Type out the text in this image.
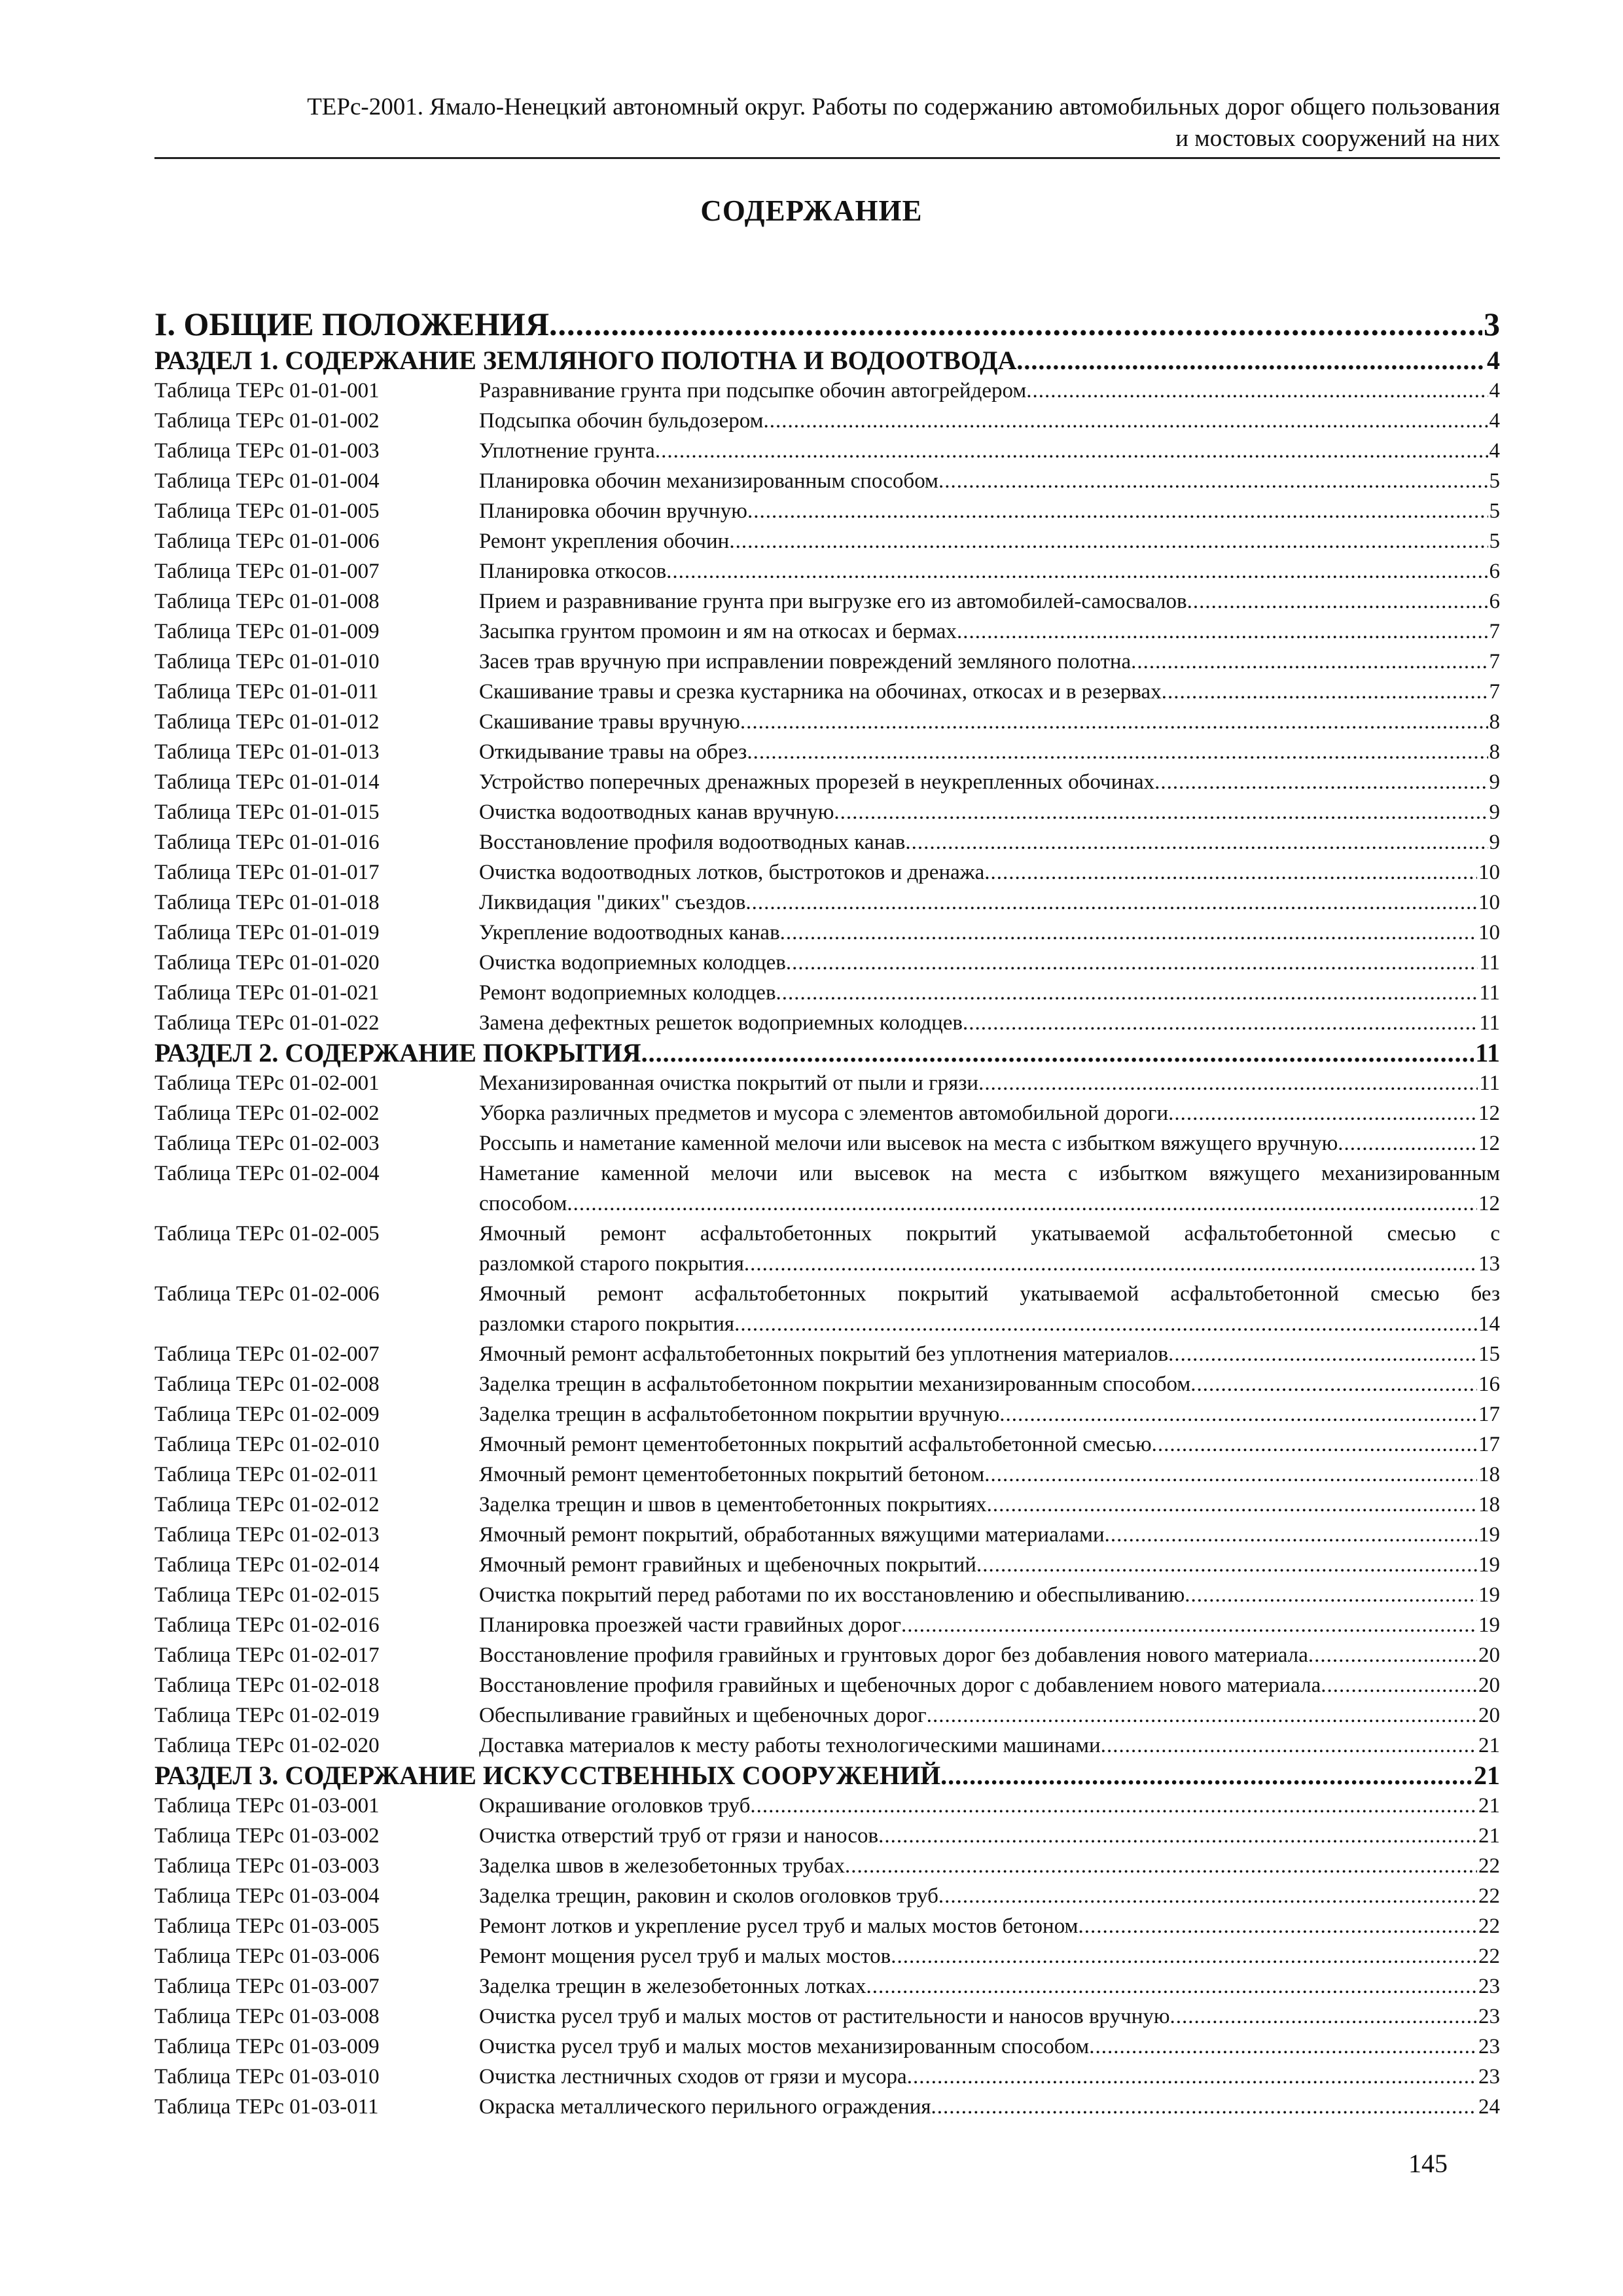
ТЕРс-2001. Ямало-Ненецкий автономный округ. Работы по содержанию автомобильных дорог общего пользования
и мостовых сооружений на них
СОДЕРЖАНИЕ
I. ОБЩИЕ ПОЛОЖЕНИЯ .....	3
РАЗДЕЛ 1. СОДЕРЖАНИЕ ЗЕМЛЯНОГО ПОЛОТНА И ВОДООТВОДА .....	4
Таблица ТЕРс 01-01-001	Разравнивание грунта при подсыпке обочин автогрейдером .....	4
Таблица ТЕРс 01-01-002	Подсыпка обочин бульдозером .....	4
Таблица ТЕРс 01-01-003	Уплотнение грунта .....	4
Таблица ТЕРс 01-01-004	Планировка обочин механизированным способом .....	5
Таблица ТЕРс 01-01-005	Планировка обочин вручную .....	5
Таблица ТЕРс 01-01-006	Ремонт укрепления обочин .....	5
Таблица ТЕРс 01-01-007	Планировка откосов .....	6
Таблица ТЕРс 01-01-008	Прием и разравнивание грунта при выгрузке его из автомобилей-самосвалов .....	6
Таблица ТЕРс 01-01-009	Засыпка грунтом промоин и ям на откосах и бермах .....	7
Таблица ТЕРс 01-01-010	Засев трав вручную при исправлении повреждений земляного полотна .....	7
Таблица ТЕРс 01-01-011	Скашивание травы и срезка кустарника на обочинах, откосах и в резервах .....	7
Таблица ТЕРс 01-01-012	Скашивание травы вручную .....	8
Таблица ТЕРс 01-01-013	Откидывание травы на обрез .....	8
Таблица ТЕРс 01-01-014	Устройство поперечных дренажных прорезей в неукрепленных обочинах .....	9
Таблица ТЕРс 01-01-015	Очистка водоотводных канав вручную .....	9
Таблица ТЕРс 01-01-016	Восстановление профиля водоотводных канав .....	9
Таблица ТЕРс 01-01-017	Очистка водоотводных лотков, быстротоков и дренажа .....	10
Таблица ТЕРс 01-01-018	Ликвидация "диких" съездов .....	10
Таблица ТЕРс 01-01-019	Укрепление водоотводных канав .....	10
Таблица ТЕРс 01-01-020	Очистка водоприемных колодцев .....	11
Таблица ТЕРс 01-01-021	Ремонт водоприемных колодцев .....	11
Таблица ТЕРс 01-01-022	Замена дефектных решеток водоприемных колодцев .....	11
РАЗДЕЛ 2. СОДЕРЖАНИЕ ПОКРЫТИЯ .....	11
Таблица ТЕРс 01-02-001	Механизированная очистка покрытий от пыли и грязи .....	11
Таблица ТЕРс 01-02-002	Уборка различных предметов и мусора с элементов автомобильной дороги .....	12
Таблица ТЕРс 01-02-003	Россыпь и наметание каменной мелочи или высевок на места с избытком вяжущего вручную .....	12
Таблица ТЕРс 01-02-004	Наметание каменной мелочи или высевок на места с избытком вяжущего механизированным
способом .....	12
Таблица ТЕРс 01-02-005	Ямочный ремонт асфальтобетонных покрытий укатываемой асфальтобетонной смесью с
разломкой старого покрытия .....	13
Таблица ТЕРс 01-02-006	Ямочный ремонт асфальтобетонных покрытий укатываемой асфальтобетонной смесью без
разломки старого покрытия .....	14
Таблица ТЕРс 01-02-007	Ямочный ремонт асфальтобетонных покрытий без уплотнения материалов .....	15
Таблица ТЕРс 01-02-008	Заделка трещин в асфальтобетонном покрытии механизированным способом .....	16
Таблица ТЕРс 01-02-009	Заделка трещин в асфальтобетонном покрытии вручную .....	17
Таблица ТЕРс 01-02-010	Ямочный ремонт цементобетонных покрытий асфальтобетонной смесью .....	17
Таблица ТЕРс 01-02-011	Ямочный ремонт цементобетонных покрытий бетоном .....	18
Таблица ТЕРс 01-02-012	Заделка трещин и швов в цементобетонных покрытиях .....	18
Таблица ТЕРс 01-02-013	Ямочный ремонт покрытий, обработанных вяжущими материалами .....	19
Таблица ТЕРс 01-02-014	Ямочный ремонт гравийных и щебеночных покрытий .....	19
Таблица ТЕРс 01-02-015	Очистка покрытий перед работами по их восстановлению и обеспыливанию .....	19
Таблица ТЕРс 01-02-016	Планировка проезжей части гравийных дорог .....	19
Таблица ТЕРс 01-02-017	Восстановление профиля гравийных и грунтовых дорог без добавления нового материала .....	20
Таблица ТЕРс 01-02-018	Восстановление профиля гравийных и щебеночных дорог с добавлением нового материала .....	20
Таблица ТЕРс 01-02-019	Обеспыливание гравийных и щебеночных дорог .....	20
Таблица ТЕРс 01-02-020	Доставка материалов к месту работы технологическими машинами .....	21
РАЗДЕЛ 3. СОДЕРЖАНИЕ ИСКУССТВЕННЫХ СООРУЖЕНИЙ .....	21
Таблица ТЕРс 01-03-001	Окрашивание оголовков труб .....	21
Таблица ТЕРс 01-03-002	Очистка отверстий труб от грязи и наносов .....	21
Таблица ТЕРс 01-03-003	Заделка швов в железобетонных трубах .....	22
Таблица ТЕРс 01-03-004	Заделка трещин, раковин и сколов оголовков труб .....	22
Таблица ТЕРс 01-03-005	Ремонт лотков и укрепление русел труб и малых мостов бетоном .....	22
Таблица ТЕРс 01-03-006	Ремонт мощения русел труб и малых мостов .....	22
Таблица ТЕРс 01-03-007	Заделка трещин в железобетонных лотках .....	23
Таблица ТЕРс 01-03-008	Очистка русел труб и малых мостов от растительности и наносов вручную .....	23
Таблица ТЕРс 01-03-009	Очистка русел труб и малых мостов механизированным способом .....	23
Таблица ТЕРс 01-03-010	Очистка лестничных сходов от грязи и мусора .....	23
Таблица ТЕРс 01-03-011	Окраска металлического перильного ограждения .....	24
145
